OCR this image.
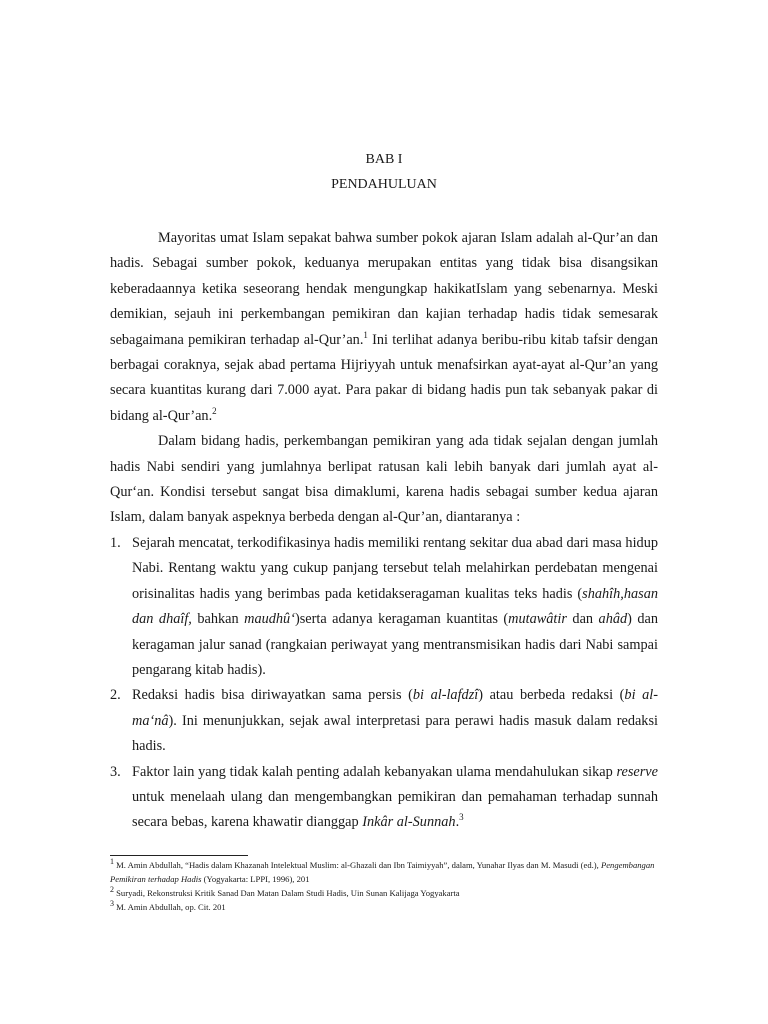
BAB I
PENDAHULUAN

Mayoritas umat Islam sepakat bahwa sumber pokok ajaran Islam adalah al-Qur’an dan hadis. Sebagai sumber pokok, keduanya merupakan entitas yang tidak bisa disangsikan keberadaannya ketika seseorang hendak mengungkap hakikatIslam yang sebenarnya. Meski demikian, sejauh ini perkembangan pemikiran dan kajian terhadap hadis tidak semesarak sebagaimana pemikiran terhadap al-Qur’an.$^1$ Ini terlihat adanya beribu-ribu kitab tafsir dengan berbagai coraknya, sejak abad pertama Hijriyyah untuk menafsirkan ayat-ayat al-Qur’an yang secara kuantitas kurang dari 7.000 ayat. Para pakar di bidang hadis pun tak sebanyak pakar di bidang al-Qur’an.$^2$

Dalam bidang hadis, perkembangan pemikiran yang ada tidak sejalan dengan jumlah hadis Nabi sendiri yang jumlahnya berlipat ratusan kali lebih banyak dari jumlah ayat al-Qur‘an. Kondisi tersebut sangat bisa dimaklumi, karena hadis sebagai sumber kedua ajaran Islam, dalam banyak aspeknya berbeda dengan al-Qur’an, diantaranya :

1. Sejarah mencatat, terkodifikasinya hadis memiliki rentang sekitar dua abad dari masa hidup Nabi. Rentang waktu yang cukup panjang tersebut telah melahirkan perdebatan mengenai orisinalitas hadis yang berimbas pada ketidakseragaman kualitas teks hadis (shahîh,hasan dan dhaîf, bahkan maudhû‘)serta adanya keragaman kuantitas (mutawâtir dan ahâd) dan keragaman jalur sanad (rangkaian periwayat yang mentransmisikan hadis dari Nabi sampai pengarang kitab hadis).
2. Redaksi hadis bisa diriwayatkan sama persis (bi al-lafdzî) atau berbeda redaksi (bi al-ma‘nâ). Ini menunjukkan, sejak awal interpretasi para perawi hadis masuk dalam redaksi hadis.
3. Faktor lain yang tidak kalah penting adalah kebanyakan ulama mendahulukan sikap reserve untuk menelaah ulang dan mengembangkan pemikiran dan pemahaman terhadap sunnah secara bebas, karena khawatir dianggap Inkâr al-Sunnah.$^3$
$^1$ M. Amin Abdullah, “Hadis dalam Khazanah Intelektual Muslim: al-Ghazali dan Ibn Taimiyyah”, dalam, Yunahar Ilyas dan M. Masudi (ed.), Pengembangan Pemikiran terhadap Hadis (Yogyakarta: LPPI, 1996), 201
$^2$ Suryadi, Rekonstruksi Kritik Sanad Dan Matan Dalam Studi Hadis, Uin Sunan Kalijaga Yogyakarta
$^3$ M. Amin Abdullah, op. Cit. 201
